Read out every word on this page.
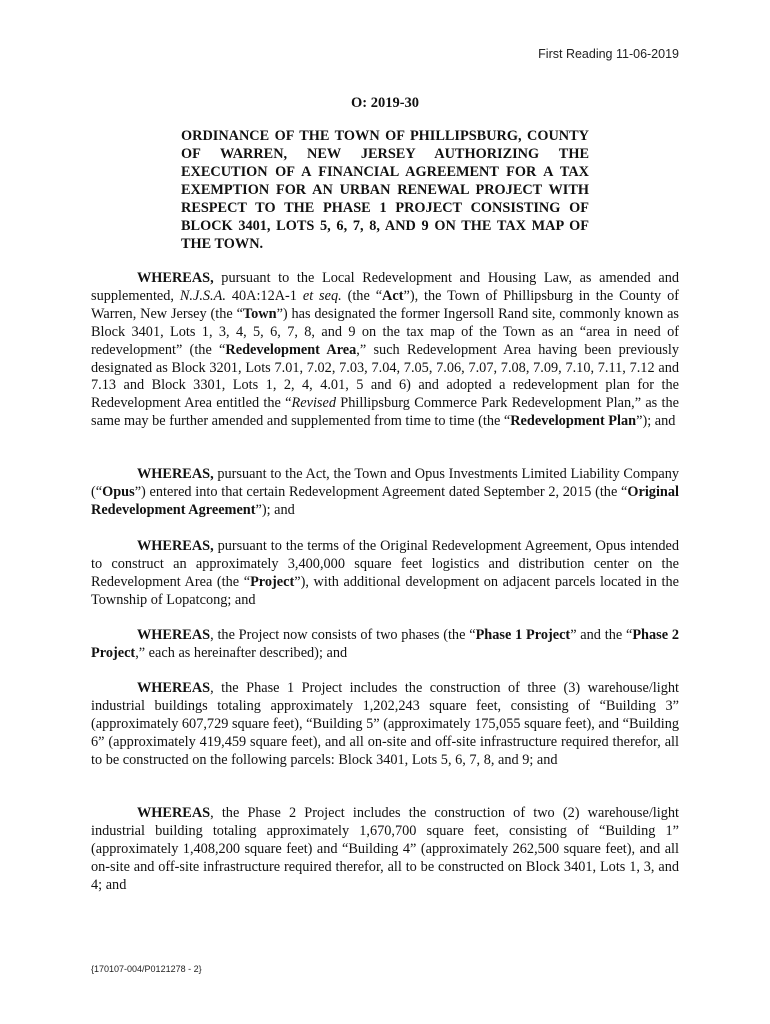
First Reading 11-06-2019
O: 2019-30

ORDINANCE OF THE TOWN OF PHILLIPSBURG, COUNTY OF WARREN, NEW JERSEY AUTHORIZING THE EXECUTION OF A FINANCIAL AGREEMENT FOR A TAX EXEMPTION FOR AN URBAN RENEWAL PROJECT WITH RESPECT TO THE PHASE 1 PROJECT CONSISTING OF BLOCK 3401, LOTS 5, 6, 7, 8, AND 9 ON THE TAX MAP OF THE TOWN.

WHEREAS, pursuant to the Local Redevelopment and Housing Law, as amended and supplemented, N.J.S.A. 40A:12A-1 et seq. (the “Act”), the Town of Phillipsburg in the County of Warren, New Jersey (the “Town”) has designated the former Ingersoll Rand site, commonly known as Block 3401, Lots 1, 3, 4, 5, 6, 7, 8, and 9 on the tax map of the Town as an “area in need of redevelopment” (the “Redevelopment Area,” such Redevelopment Area having been previously designated as Block 3201, Lots 7.01, 7.02, 7.03, 7.04, 7.05, 7.06, 7.07, 7.08, 7.09, 7.10, 7.11, 7.12 and 7.13 and Block 3301, Lots 1, 2, 4, 4.01, 5 and 6) and adopted a redevelopment plan for the Redevelopment Area entitled the “Revised Phillipsburg Commerce Park Redevelopment Plan,” as the same may be further amended and supplemented from time to time (the “Redevelopment Plan”); and

WHEREAS, pursuant to the Act, the Town and Opus Investments Limited Liability Company (“Opus”) entered into that certain Redevelopment Agreement dated September 2, 2015 (the “Original Redevelopment Agreement”); and

WHEREAS, pursuant to the terms of the Original Redevelopment Agreement, Opus intended to construct an approximately 3,400,000 square feet logistics and distribution center on the Redevelopment Area (the “Project”), with additional development on adjacent parcels located in the Township of Lopatcong; and

WHEREAS, the Project now consists of two phases (the “Phase 1 Project” and the “Phase 2 Project,” each as hereinafter described); and

WHEREAS, the Phase 1 Project includes the construction of three (3) warehouse/light industrial buildings totaling approximately 1,202,243 square feet, consisting of “Building 3” (approximately 607,729 square feet), “Building 5” (approximately 175,055 square feet), and “Building 6” (approximately 419,459 square feet), and all on-site and off-site infrastructure required therefor, all to be constructed on the following parcels: Block 3401, Lots 5, 6, 7, 8, and 9; and

WHEREAS, the Phase 2 Project includes the construction of two (2) warehouse/light industrial building totaling approximately 1,670,700 square feet, consisting of “Building 1” (approximately 1,408,200 square feet) and “Building 4” (approximately 262,500 square feet), and all on-site and off-site infrastructure required therefor, all to be constructed on Block 3401, Lots 1, 3, and 4; and

{170107-004/P0121278 - 2}
